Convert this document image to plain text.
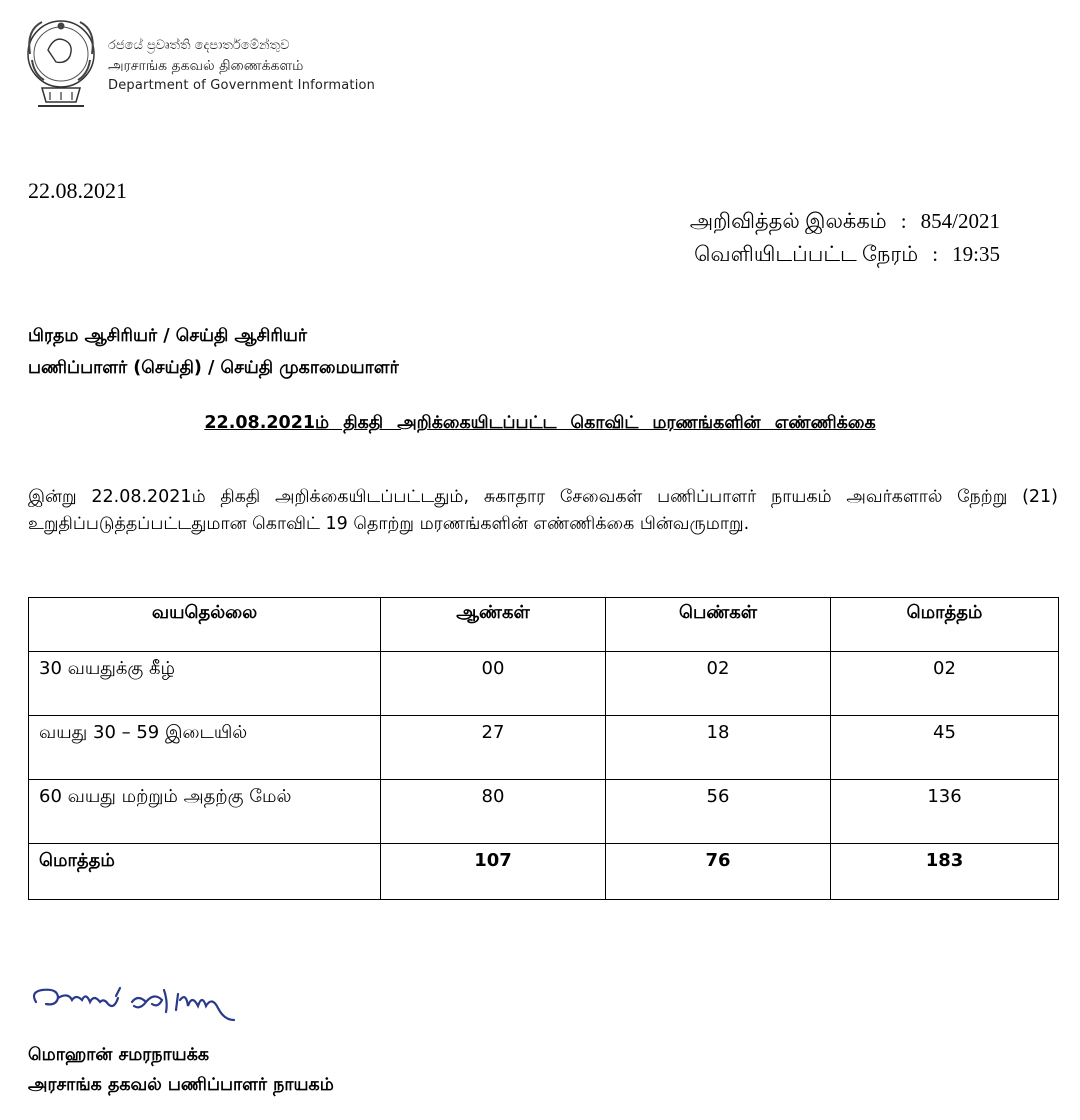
රජයේ ප්‍රවෘත්ති දෙපාර්තමේන්තුව
அரசாங்க தகவல் திணைக்களம்
Department of Government Information
22.08.2021
அறிவித்தல் இலக்கம் : 854/2021
வெளியிடப்பட்ட நேரம் : 19:35
பிரதம ஆசிரியர் / செய்தி ஆசிரியர்
பணிப்பாளர் (செய்தி) / செய்தி முகாமையாளர்
22.08.2021ம் திகதி அறிக்கையிடப்பட்ட கொவிட் மரணங்களின் எண்ணிக்கை
இன்று 22.08.2021ம் திகதி அறிக்கையிடப்பட்டதும், சுகாதார சேவைகள் பணிப்பாளர் நாயகம் அவர்களால் நேற்று (21) உறுதிப்படுத்தப்பட்டதுமான கொவிட் 19 தொற்று மரணங்களின் எண்ணிக்கை பின்வருமாறு.
வயதெல்லை	ஆண்கள்	பெண்கள்	மொத்தம்
30 வயதுக்கு கீழ்	00	02	02
வயது 30 – 59 இடையில்	27	18	45
60 வயது மற்றும் அதற்கு மேல்	80	56	136
மொத்தம்	107	76	183
மொஹான் சமரநாயக்க
அரசாங்க தகவல் பணிப்பாளர் நாயகம்
